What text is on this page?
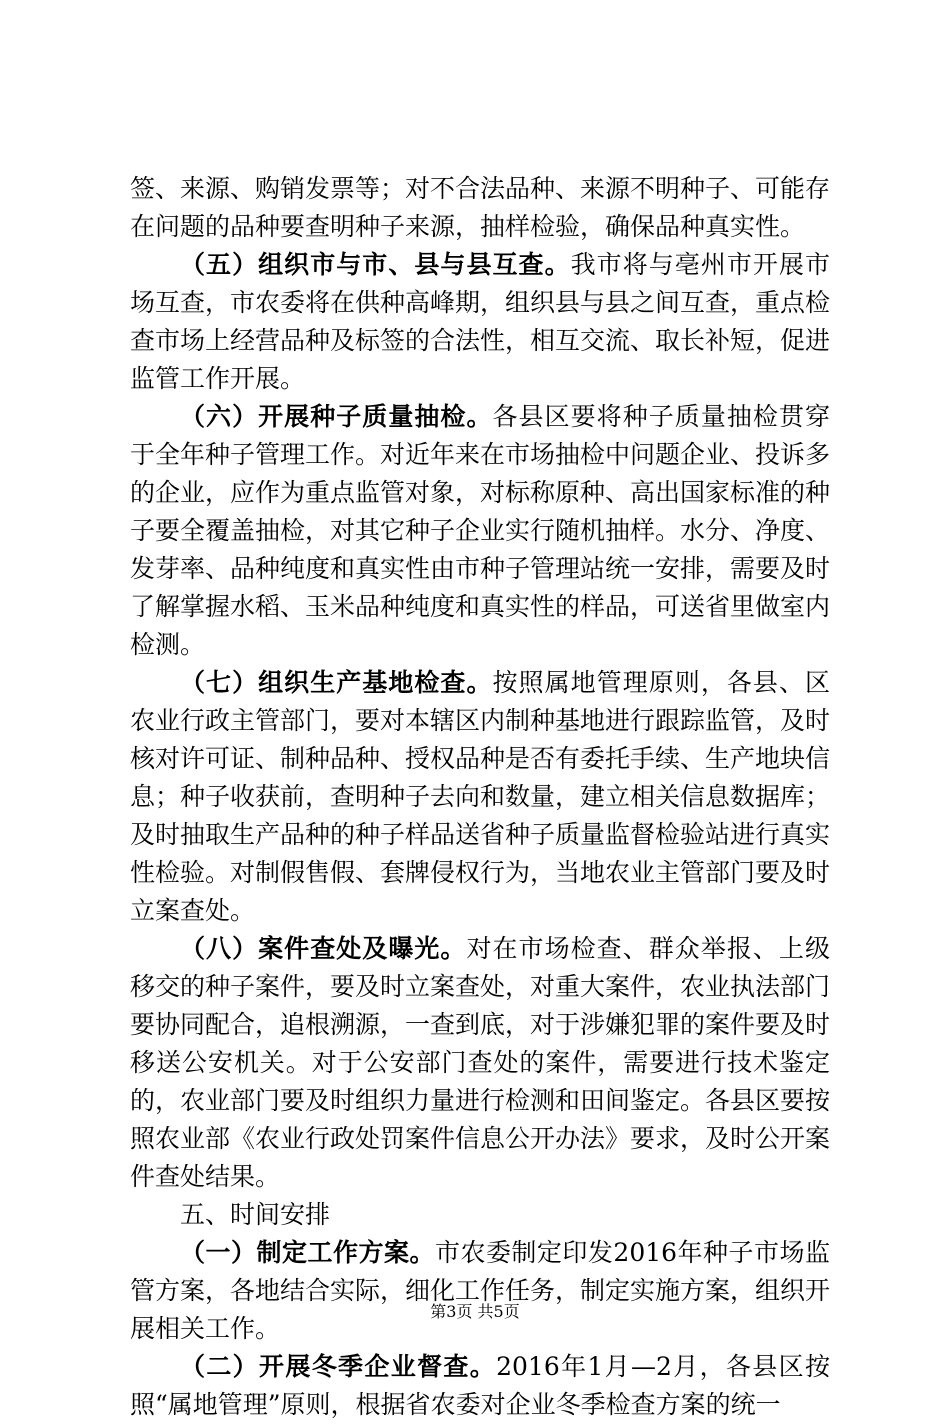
签、来源、购销发票等；对不合法品种、来源不明种子、可能存在问题的品种要查明种子来源，抽样检验，确保品种真实性。

（五）组织市与市、县与县互查。我市将与亳州市开展市场互查，市农委将在供种高峰期，组织县与县之间互查，重点检查市场上经营品种及标签的合法性，相互交流、取长补短，促进监管工作开展。

（六）开展种子质量抽检。各县区要将种子质量抽检贯穿于全年种子管理工作。对近年来在市场抽检中问题企业、投诉多的企业，应作为重点监管对象，对标称原种、高出国家标准的种子要全覆盖抽检，对其它种子企业实行随机抽样。水分、净度、发芽率、品种纯度和真实性由市种子管理站统一安排，需要及时了解掌握水稻、玉米品种纯度和真实性的样品，可送省里做室内检测。

（七）组织生产基地检查。按照属地管理原则，各县、区农业行政主管部门，要对本辖区内制种基地进行跟踪监管，及时核对许可证、制种品种、授权品种是否有委托手续、生产地块信息；种子收获前，查明种子去向和数量，建立相关信息数据库；及时抽取生产品种的种子样品送省种子质量监督检验站进行真实性检验。对制假售假、套牌侵权行为，当地农业主管部门要及时立案查处。

（八）案件查处及曝光。对在市场检查、群众举报、上级移交的种子案件，要及时立案查处，对重大案件，农业执法部门要协同配合，追根溯源，一查到底，对于涉嫌犯罪的案件要及时移送公安机关。对于公安部门查处的案件，需要进行技术鉴定的，农业部门要及时组织力量进行检测和田间鉴定。各县区要按照农业部《农业行政处罚案件信息公开办法》要求，及时公开案件查处结果。

五、时间安排

（一）制定工作方案。市农委制定印发2016年种子市场监管方案，各地结合实际，细化工作任务，制定实施方案，组织开展相关工作。

（二）开展冬季企业督查。2016年1月—2月，各县区按照“属地管理”原则，根据省农委对企业冬季检查方案的统一

第3页 共5页
